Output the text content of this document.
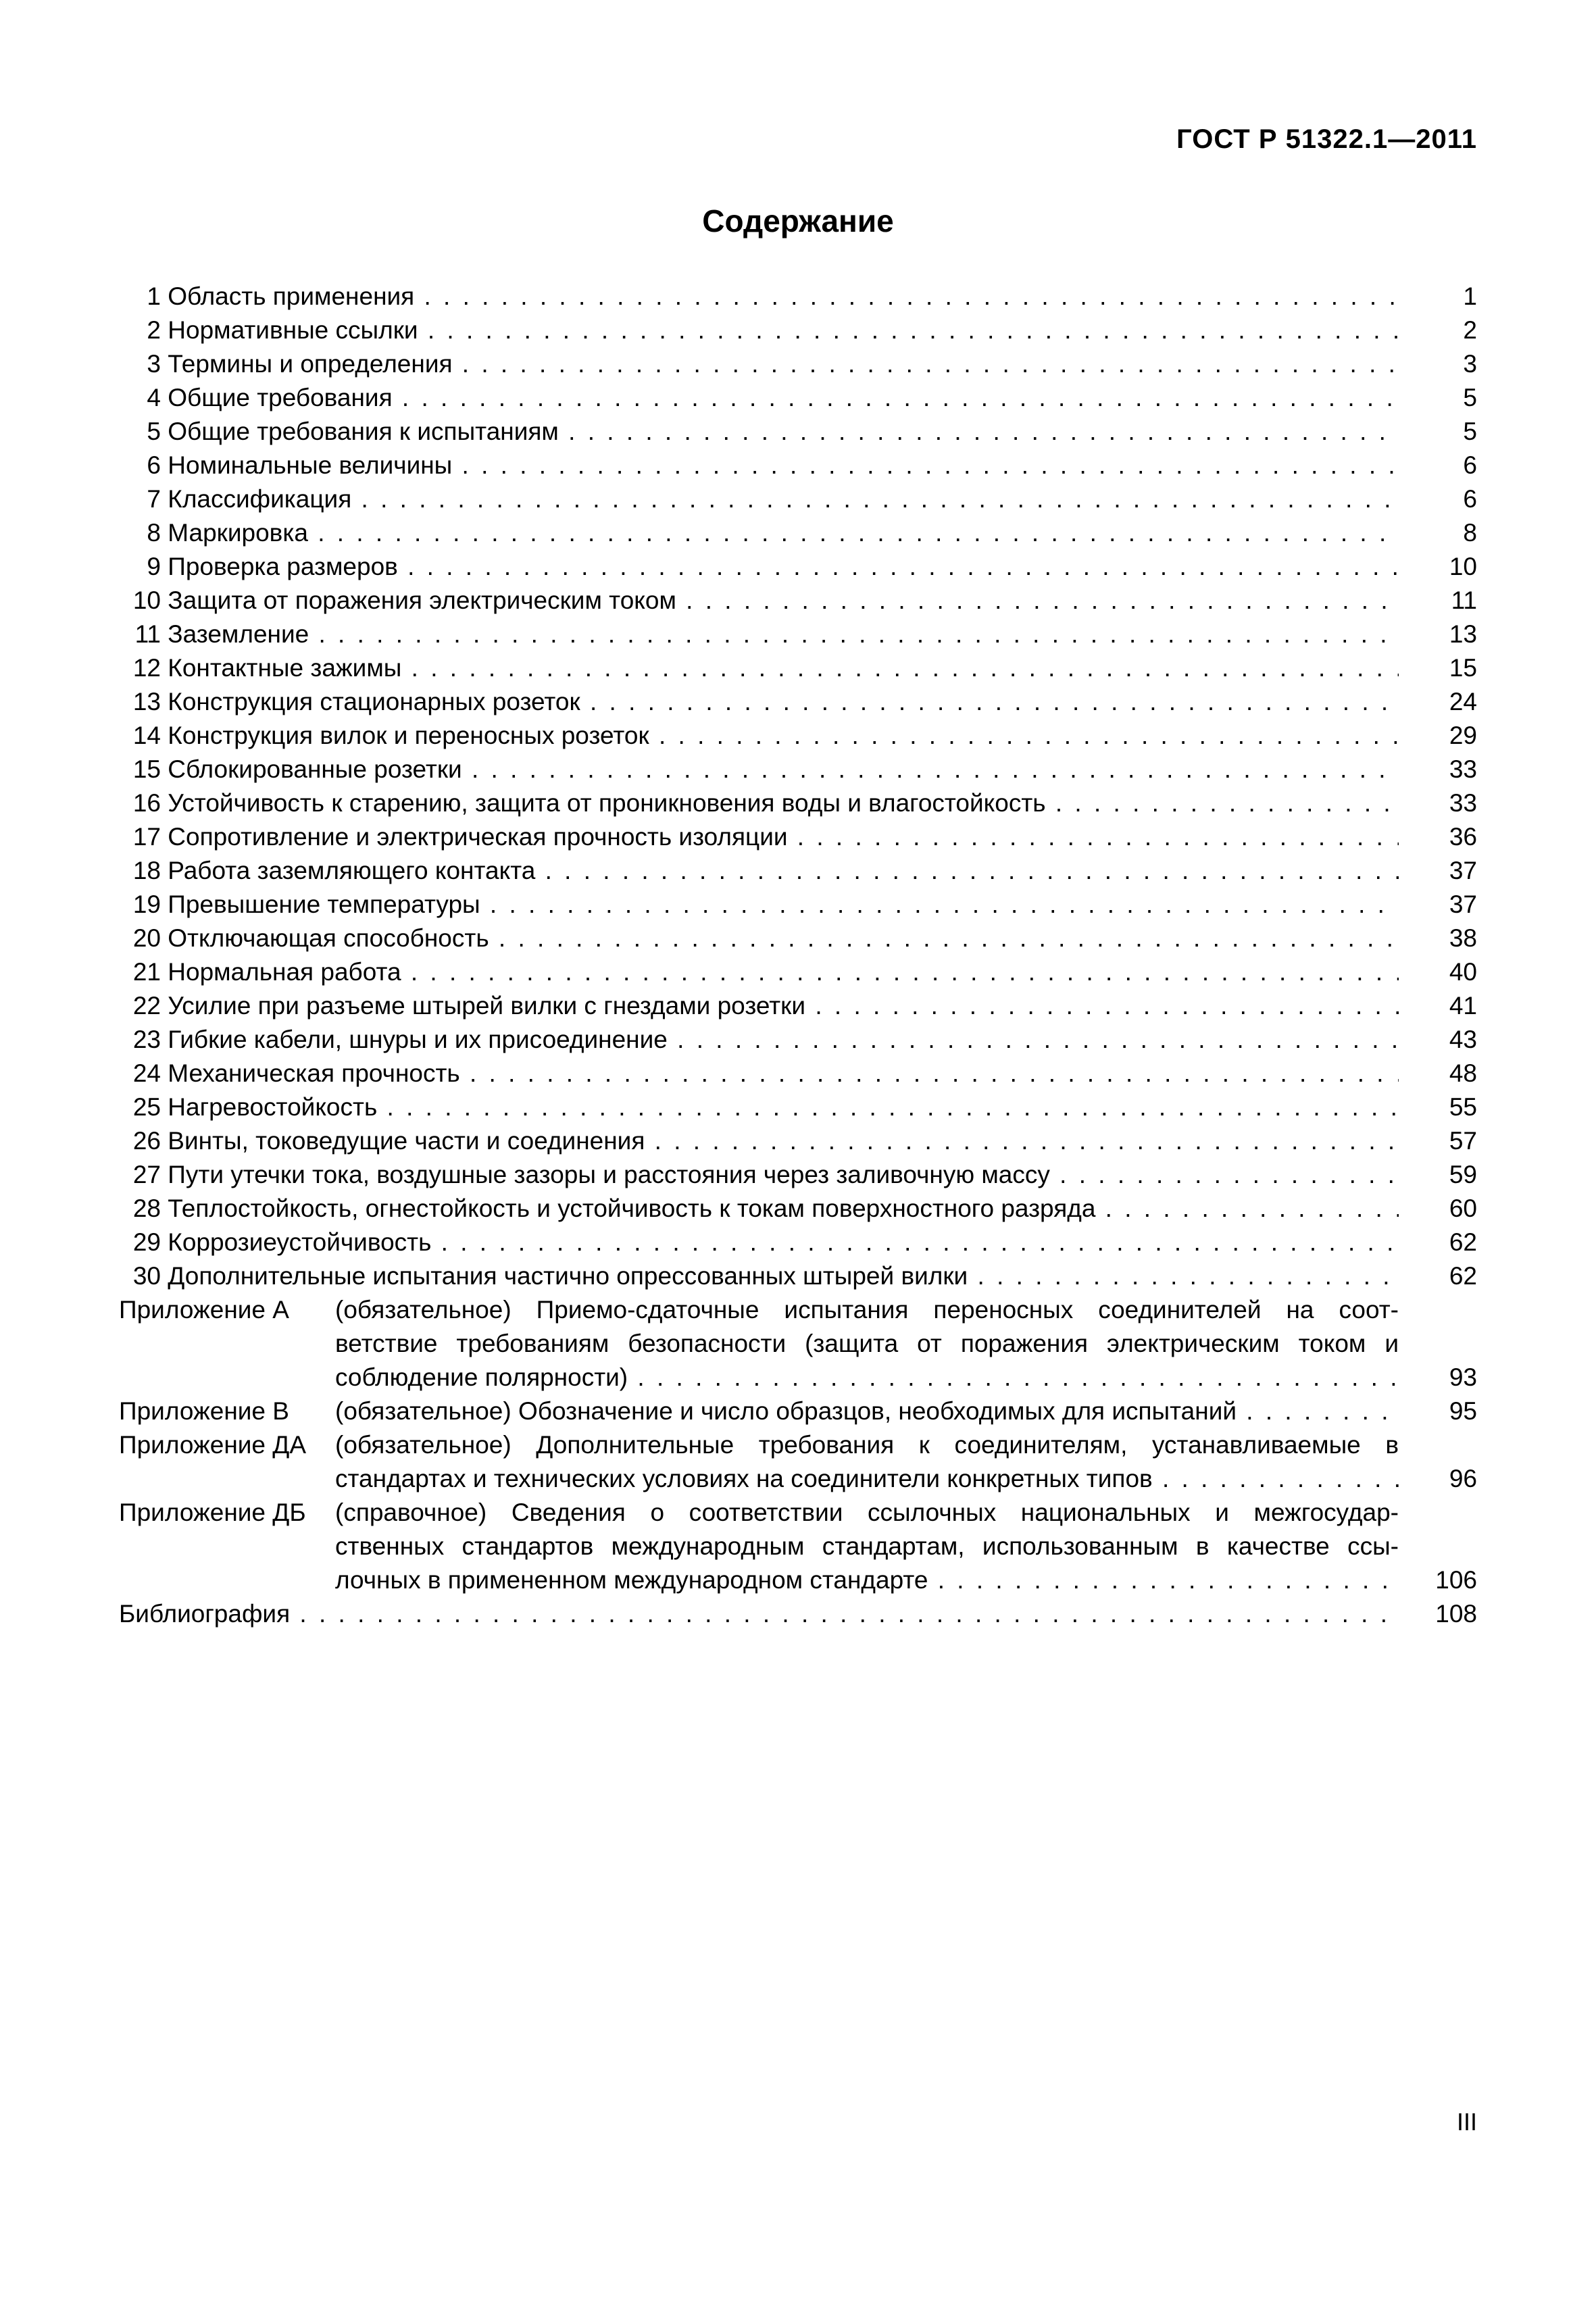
ГОСТ Р 51322.1—2011
Содержание
1 Область применения . . .	1
2 Нормативные ссылки . . .	2
3 Термины и определения . . .	3
4 Общие требования . . .	5
5 Общие требования к испытаниям . . .	5
6 Номинальные величины . . .	6
7 Классификация . . .	6
8 Маркировка . . .	8
9 Проверка размеров . . .	10
10 Защита от поражения электрическим током . . .	11
11 Заземление . . .	13
12 Контактные зажимы . . .	15
13 Конструкция стационарных розеток . . .	24
14 Конструкция вилок и переносных розеток . . .	29
15 Сблокированные розетки . . .	33
16 Устойчивость к старению, защита от проникновения воды и влагостойкость . . .	33
17 Сопротивление и электрическая прочность изоляции . . .	36
18 Работа заземляющего контакта . . .	37
19 Превышение температуры . . .	37
20 Отключающая способность . . .	38
21 Нормальная работа . . .	40
22 Усилие при разъеме штырей вилки с гнездами розетки . . .	41
23 Гибкие кабели, шнуры и их присоединение . . .	43
24 Механическая прочность . . .	48
25 Нагревостойкость . . .	55
26 Винты, токоведущие части и соединения . . .	57
27 Пути утечки тока, воздушные зазоры и расстояния через заливочную массу . . .	59
28 Теплостойкость, огнестойкость и устойчивость к токам поверхностного разряда . . .	60
29 Коррозиеустойчивость . . .	62
30 Дополнительные испытания частично опрессованных штырей вилки . . .	62
Приложение А (обязательное) Приемо-сдаточные испытания переносных соединителей на соот-
ветствие требованиям безопасности (защита от поражения электрическим током и
соблюдение полярности) . . .	93
Приложение В (обязательное) Обозначение и число образцов, необходимых для испытаний . . .	95
Приложение ДА (обязательное) Дополнительные требования к соединителям, устанавливаемые в
стандартах и технических условиях на соединители конкретных типов . . .	96
Приложение ДБ (справочное) Сведения о соответствии ссылочных национальных и межгосудар-
ственных стандартов международным стандартам, использованным в качестве ссы-
лочных в примененном международном стандарте . . .	106
Библиография . . .	108
III
